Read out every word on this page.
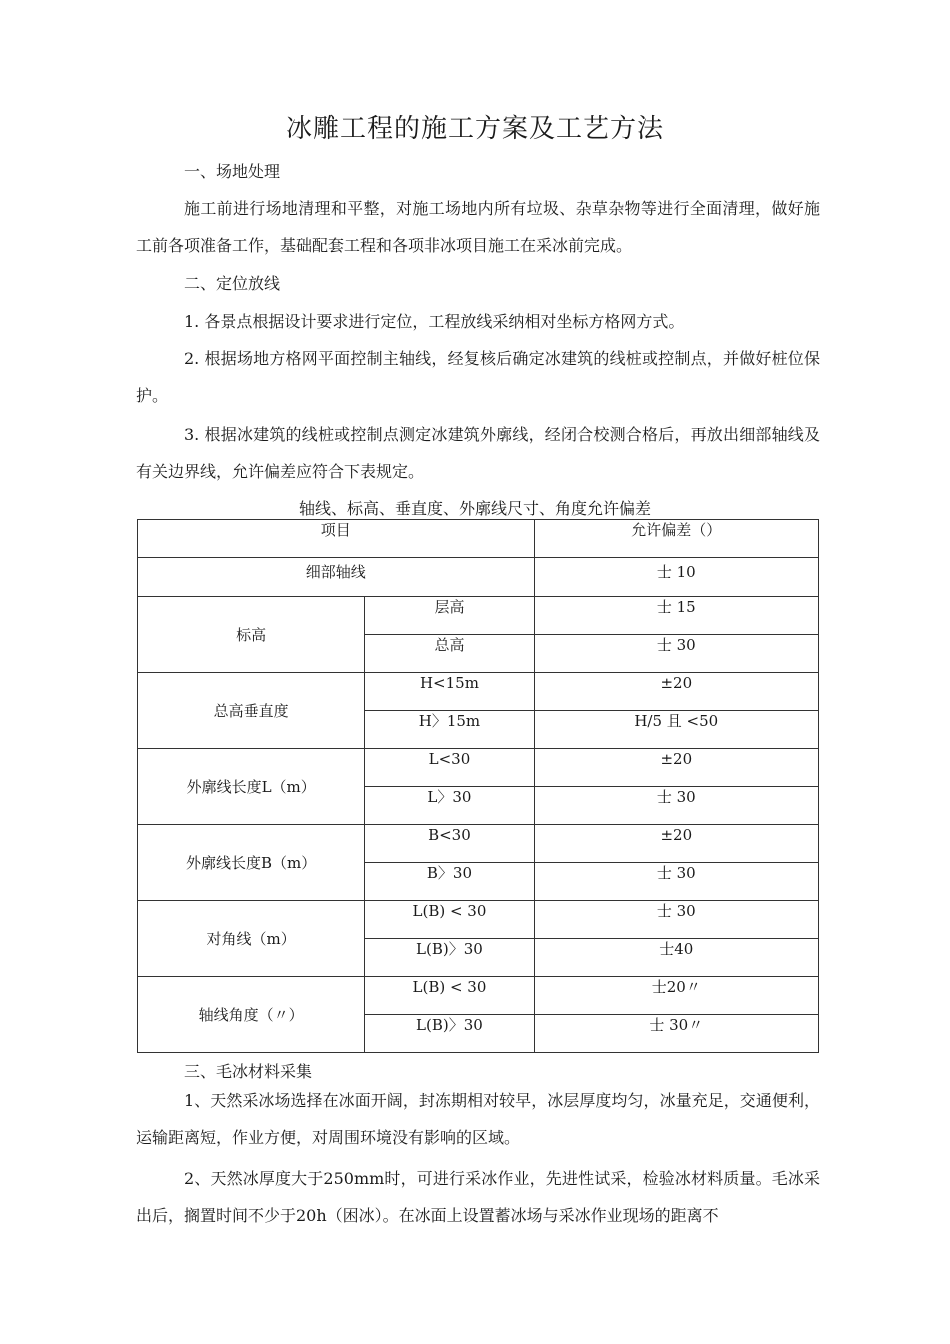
冰雕工程的施工方案及工艺方法

一、场地处理

施工前进行场地清理和平整，对施工场地内所有垃圾、杂草杂物等进行全面清理，做好施工前各项准备工作，基础配套工程和各项非冰项目施工在采冰前完成。

二、定位放线

1. 各景点根据设计要求进行定位，工程放线采纳相对坐标方格网方式。

2. 根据场地方格网平面控制主轴线，经复核后确定冰建筑的线桩或控制点，并做好桩位保护。

3. 根据冰建筑的线桩或控制点测定冰建筑外廓线，经闭合校测合格后，再放出细部轴线及有关边界线，允许偏差应符合下表规定。

轴线、标高、垂直度、外廓线尺寸、角度允许偏差
项目		允许偏差（）
细部轴线		士 10
标高	层高	士 15
	总高	士 30
总高垂直度	H<15m	±20
	H〉15m	H/5 且 <50
外廓线长度L（m）	L<30	±20
	L〉30	士 30
外廓线长度B（m）	B<30	±20
	B〉30	士 30
对角线（m）	L(B) < 30	士 30
	L(B)〉30	士40
轴线角度（〃）	L(B) < 30	士20〃
	L(B)〉30	士 30〃

三、毛冰材料采集

1、天然采冰场选择在冰面开阔，封冻期相对较早，冰层厚度均匀，冰量充足，交通便利，运输距离短，作业方便，对周围环境没有影响的区域。

2、天然冰厚度大于250mm时，可进行采冰作业，先进性试采，检验冰材料质量。毛冰采出后，搁置时间不少于20h（困冰）。在冰面上设置蓄冰场与采冰作业现场的距离不
